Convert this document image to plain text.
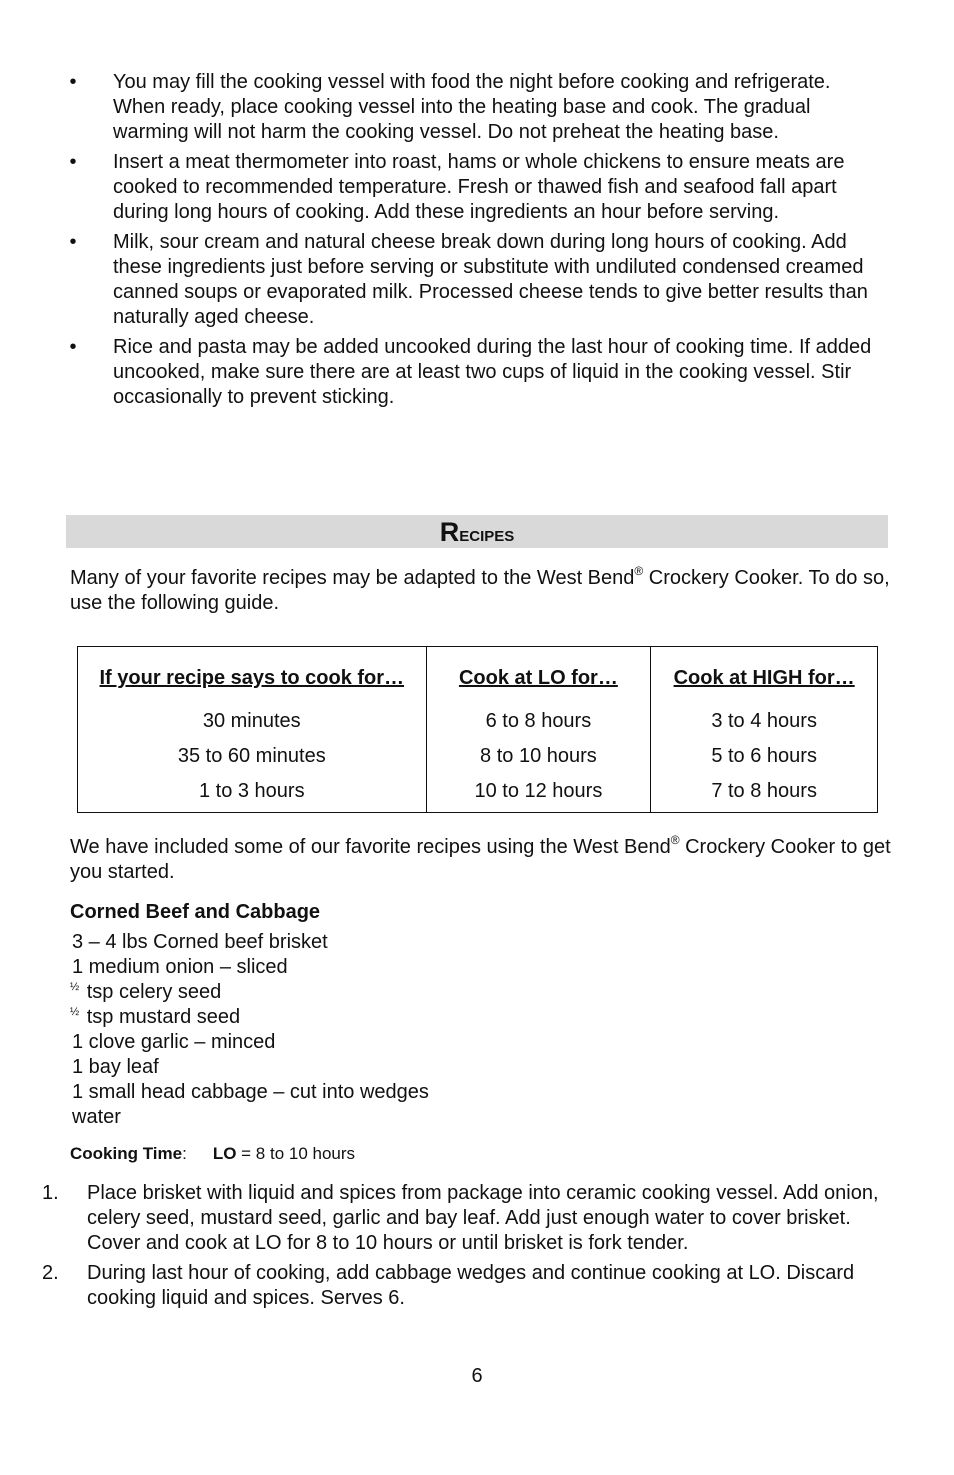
• You may fill the cooking vessel with food the night before cooking and refrigerate. When ready, place cooking vessel into the heating base and cook. The gradual warming will not harm the cooking vessel. Do not preheat the heating base.
• Insert a meat thermometer into roast, hams or whole chickens to ensure meats are cooked to recommended temperature. Fresh or thawed fish and seafood fall apart during long hours of cooking. Add these ingredients an hour before serving.
• Milk, sour cream and natural cheese break down during long hours of cooking. Add these ingredients just before serving or substitute with undiluted condensed creamed canned soups or evaporated milk. Processed cheese tends to give better results than naturally aged cheese.
• Rice and pasta may be added uncooked during the last hour of cooking time. If added uncooked, make sure there are at least two cups of liquid in the cooking vessel. Stir occasionally to prevent sticking.
Recipes
Many of your favorite recipes may be adapted to the West Bend® Crockery Cooker. To do so, use the following guide.
If your recipe says to cook for…	Cook at LO for…	Cook at HIGH for…
30 minutes	6 to 8 hours	3 to 4 hours
35 to 60 minutes	8 to 10 hours	5 to 6 hours
1 to 3 hours	10 to 12 hours	7 to 8 hours
We have included some of our favorite recipes using the West Bend® Crockery Cooker to get you started.
Corned Beef and Cabbage
3 – 4 lbs Corned beef brisket
1 medium onion – sliced
$^{\frac{1}{2}}$ tsp celery seed
$^{\frac{1}{2}}$ tsp mustard seed
1 clove garlic – minced
1 bay leaf
1 small head cabbage – cut into wedges
water
Cooking Time: LO = 8 to 10 hours
1. Place brisket with liquid and spices from package into ceramic cooking vessel. Add onion, celery seed, mustard seed, garlic and bay leaf. Add just enough water to cover brisket. Cover and cook at LO for 8 to 10 hours or until brisket is fork tender.
2. During last hour of cooking, add cabbage wedges and continue cooking at LO. Discard cooking liquid and spices. Serves 6.
6
